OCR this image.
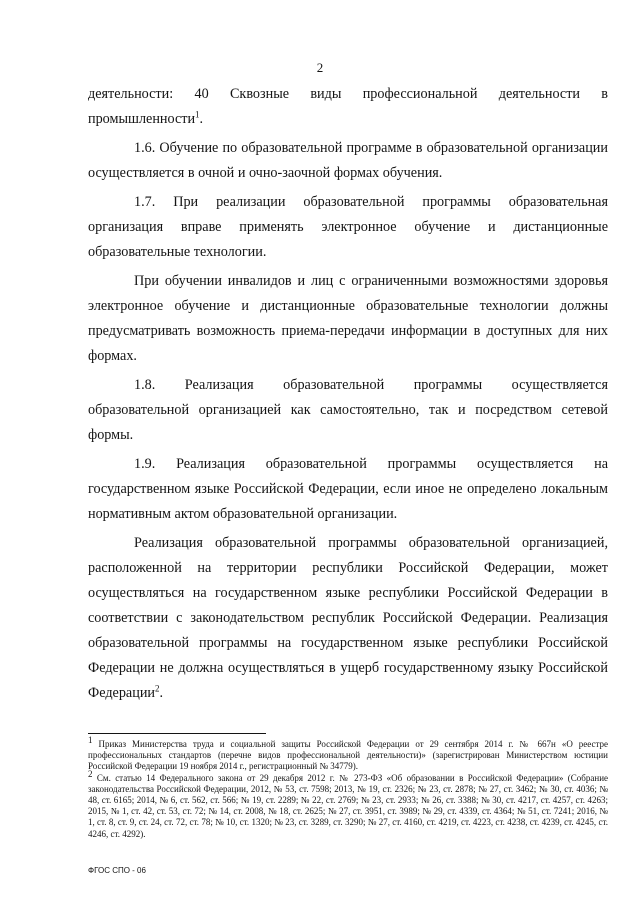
2

деятельности: 40 Сквозные виды профессиональной деятельности в промышленности$^1$.

1.6. Обучение по образовательной программе в образовательной организации осуществляется в очной и очно-заочной формах обучения.

1.7. При реализации образовательной программы образовательная организация вправе применять электронное обучение и дистанционные образовательные технологии.

При обучении инвалидов и лиц с ограниченными возможностями здоровья электронное обучение и дистанционные образовательные технологии должны предусматривать возможность приема-передачи информации в доступных для них формах.

1.8. Реализация образовательной программы осуществляется образовательной организацией как самостоятельно, так и посредством сетевой формы.

1.9. Реализация образовательной программы осуществляется на государственном языке Российской Федерации, если иное не определено локальным нормативным актом образовательной организации.

Реализация образовательной программы образовательной организацией, расположенной на территории республики Российской Федерации, может осуществляться на государственном языке республики Российской Федерации в соответствии с законодательством республик Российской Федерации. Реализация образовательной программы на государственном языке республики Российской Федерации не должна осуществляться в ущерб государственному языку Российской Федерации$^2$.

$^1$ Приказ Министерства труда и социальной защиты Российской Федерации от 29 сентября 2014 г. № 667н «О реестре профессиональных стандартов (перечне видов профессиональной деятельности)» (зарегистрирован Министерством юстиции Российской Федерации 19 ноября 2014 г., регистрационный № 34779).

$^2$ См. статью 14 Федерального закона от 29 декабря 2012 г. № 273-ФЗ «Об образовании в Российской Федерации» (Собрание законодательства Российской Федерации, 2012, № 53, ст. 7598; 2013, № 19, ст. 2326; № 23, ст. 2878; № 27, ст. 3462; № 30, ст. 4036; № 48, ст. 6165; 2014, № 6, ст. 562, ст. 566; № 19, ст. 2289; № 22, ст. 2769; № 23, ст. 2933; № 26, ст. 3388; № 30, ст. 4217, ст. 4257, ст. 4263; 2015, № 1, ст. 42, ст. 53, ст. 72; № 14, ст. 2008, № 18, ст. 2625; № 27, ст. 3951, ст. 3989; № 29, ст. 4339, ст. 4364; № 51, ст. 7241; 2016, № 1, ст. 8, ст. 9, ст. 24, ст. 72, ст. 78; № 10, ст. 1320; № 23, ст. 3289, ст. 3290; № 27, ст. 4160, ст. 4219, ст. 4223, ст. 4238, ст. 4239, ст. 4245, ст. 4246, ст. 4292).

ФГОС СПО - 06
